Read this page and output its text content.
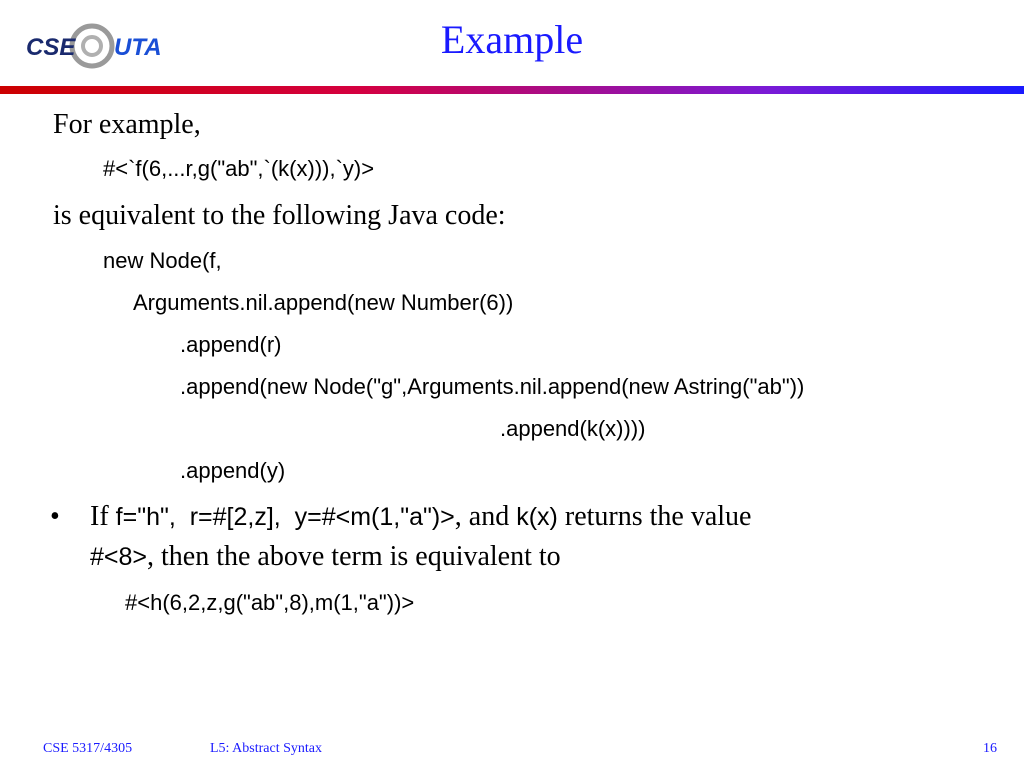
CSE UTA	Example
For example,
#<`f(6,...r,g("ab",`(k(x))),`y)>
is equivalent to the following Java code:
new Node(f,
Arguments.nil.append(new Number(6))
.append(r)
.append(new Node("g",Arguments.nil.append(new Astring("ab"))
.append(k(x))))
.append(y)
• If f="h",  r=#[2,z],  y=#<m(1,"a")>, and k(x) returns the value
#<8>, then the above term is equivalent to
#<h(6,2,z,g("ab",8),m(1,"a"))>
CSE 5317/4305	L5: Abstract Syntax	16
